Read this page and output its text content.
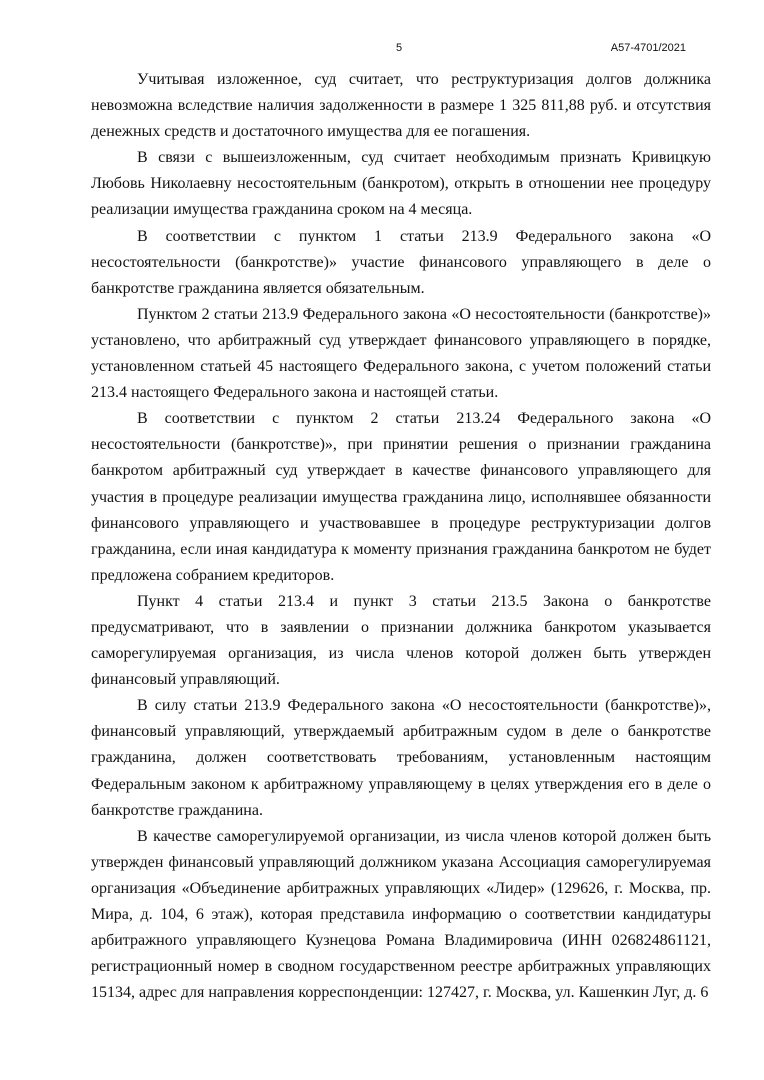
5	А57-4701/2021

Учитывая изложенное, суд считает, что реструктуризация долгов должника невозможна вследствие наличия задолженности в размере 1 325 811,88 руб. и отсутствия денежных средств и достаточного имущества для ее погашения.

В связи с вышеизложенным, суд считает необходимым признать Кривицкую Любовь Николаевну несостоятельным (банкротом), открыть в отношении нее процедуру реализации имущества гражданина сроком на 4 месяца.

В соответствии с пунктом 1 статьи 213.9 Федерального закона «О несостоятельности (банкротстве)» участие финансового управляющего в деле о банкротстве гражданина является обязательным.

Пунктом 2 статьи 213.9 Федерального закона «О несостоятельности (банкротстве)» установлено, что арбитражный суд утверждает финансового управляющего в порядке, установленном статьей 45 настоящего Федерального закона, с учетом положений статьи 213.4 настоящего Федерального закона и настоящей статьи.

В соответствии с пунктом 2 статьи 213.24 Федерального закона «О несостоятельности (банкротстве)», при принятии решения о признании гражданина банкротом арбитражный суд утверждает в качестве финансового управляющего для участия в процедуре реализации имущества гражданина лицо, исполнявшее обязанности финансового управляющего и участвовавшее в процедуре реструктуризации долгов гражданина, если иная кандидатура к моменту признания гражданина банкротом не будет предложена собранием кредиторов.

Пункт 4 статьи 213.4 и пункт 3 статьи 213.5 Закона о банкротстве предусматривают, что в заявлении о признании должника банкротом указывается саморегулируемая организация, из числа членов которой должен быть утвержден финансовый управляющий.

В силу статьи 213.9 Федерального закона «О несостоятельности (банкротстве)», финансовый управляющий, утверждаемый арбитражным судом в деле о банкротстве гражданина, должен соответствовать требованиям, установленным настоящим Федеральным законом к арбитражному управляющему в целях утверждения его в деле о банкротстве гражданина.

В качестве саморегулируемой организации, из числа членов которой должен быть утвержден финансовый управляющий должником указана Ассоциация саморегулируемая организация «Объединение арбитражных управляющих «Лидер» (129626, г. Москва, пр. Мира, д. 104, 6 этаж), которая представила информацию о соответствии кандидатуры арбитражного управляющего Кузнецова Романа Владимировича (ИНН 026824861121, регистрационный номер в сводном государственном реестре арбитражных управляющих 15134, адрес для направления корреспонденции: 127427, г. Москва, ул. Кашенкин Луг, д. 6
